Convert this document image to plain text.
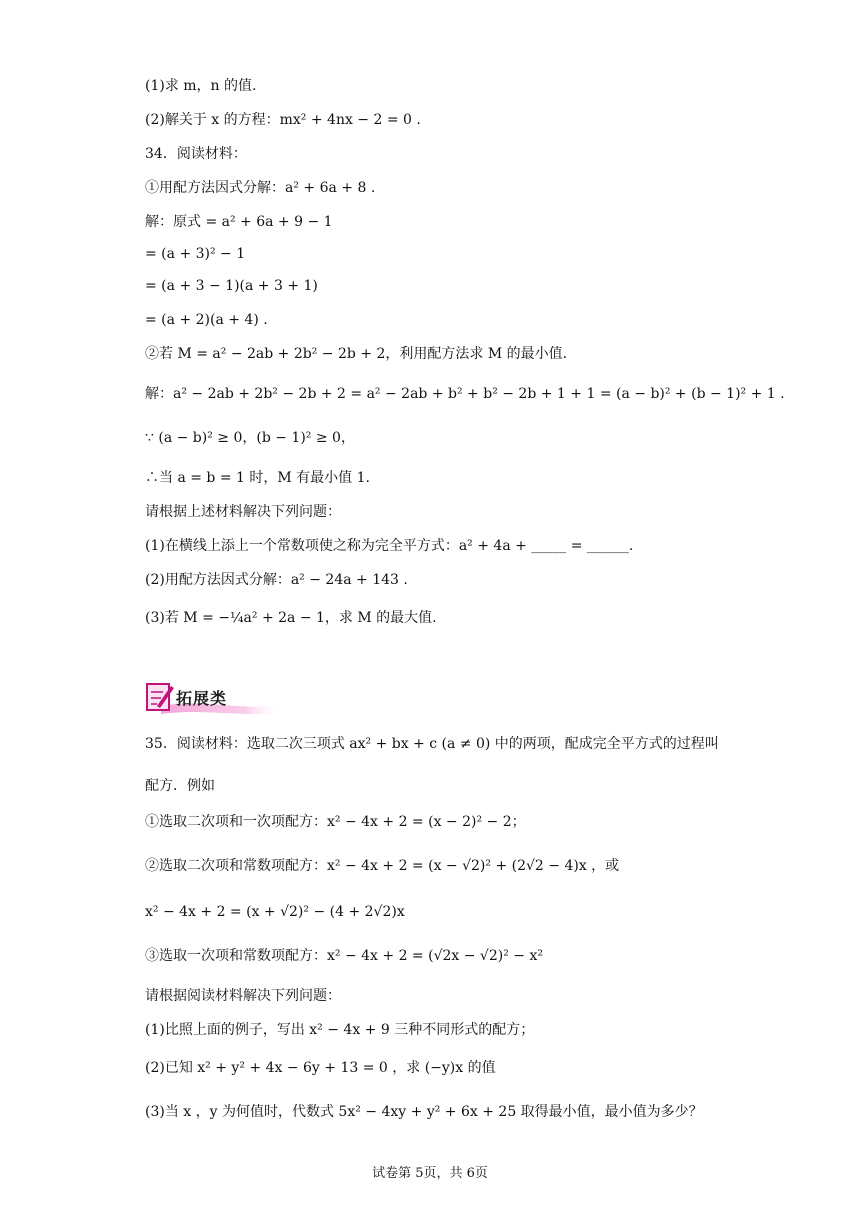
(1)求 m，n 的值.
(2)解关于 x 的方程：mx² + 4nx − 2 = 0 .
34．阅读材料：
①用配方法因式分解：a² + 6a + 8 .
解：原式 = a² + 6a + 9 − 1
= (a + 3)² − 1
= (a + 3 − 1)(a + 3 + 1)
= (a + 2)(a + 4) .
②若 M = a² − 2ab + 2b² − 2b + 2，利用配方法求 M 的最小值.
解：a² − 2ab + 2b² − 2b + 2 = a² − 2ab + b² + b² − 2b + 1 + 1 = (a − b)² + (b − 1)² + 1 .
∵ (a − b)² ≥ 0，(b − 1)² ≥ 0，
∴当 a = b = 1 时，M 有最小值 1.
请根据上述材料解决下列问题：
(1)在横线上添上一个常数项使之称为完全平方式：a² + 4a + _____ = ______.
(2)用配方法因式分解：a² − 24a + 143 .
(3)若 M = −¼a² + 2a − 1，求 M 的最大值.
拓展类
35．阅读材料：选取二次三项式 ax² + bx + c (a ≠ 0) 中的两项，配成完全平方式的过程叫
配方．例如
①选取二次项和一次项配方：x² − 4x + 2 = (x − 2)² − 2；
②选取二次项和常数项配方：x² − 4x + 2 = (x − √2)² + (2√2 − 4)x ，或
x² − 4x + 2 = (x + √2)² − (4 + 2√2)x
③选取一次项和常数项配方：x² − 4x + 2 = (√2x − √2)² − x²
请根据阅读材料解决下列问题：
(1)比照上面的例子，写出 x² − 4x + 9 三种不同形式的配方；
(2)已知 x² + y² + 4x − 6y + 13 = 0 ，求 (−y)x 的值
(3)当 x ，y 为何值时，代数式 5x² − 4xy + y² + 6x + 25 取得最小值，最小值为多少？
试卷第 5页，共 6页
